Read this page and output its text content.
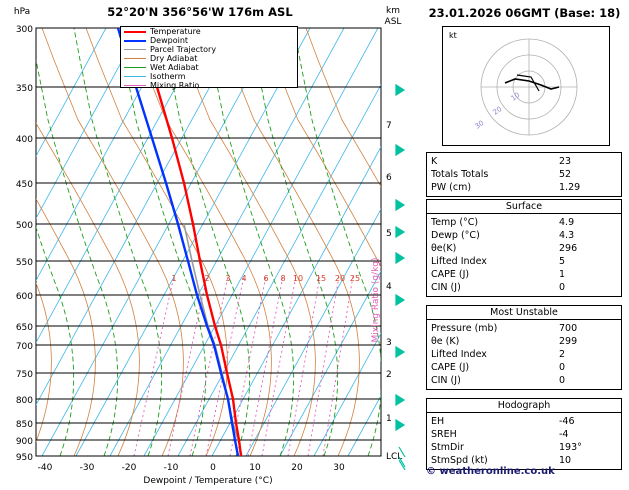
hPa	52°20'N 356°56'W 176m ASL	km
ASL
1	2 3 4 6 8 10 15 20 25
300
350
400
450
500
550
600
650
700
750
800
850
900
950
7
6
5
4
3
2
1
LCL
Mixing Ratio (g/kg)
-40	-30	-20	-10	0	10	20	30
Dewpoint / Temperature (°C)
Temperature
Dewpoint
Parcel Trajectory
Dry Adiabat
Wet Adiabat
Isotherm
Mixing Ratio
23.01.2026 06GMT (Base: 18)
kt
10
20
30
K	23
Totals Totals	52
PW (cm)	1.29
Surface
Temp (°C)	4.9
Dewp (°C)	4.3
θe(K)	296
Lifted Index	5
CAPE (J)	1
CIN (J)	0
Most Unstable
Pressure (mb)	700
θe (K)	299
Lifted Index	2
CAPE (J)	0
CIN (J)	0
Hodograph
EH	-46
SREH	-4
StmDir	193°
StmSpd (kt)	10
© weatheronline.co.uk
